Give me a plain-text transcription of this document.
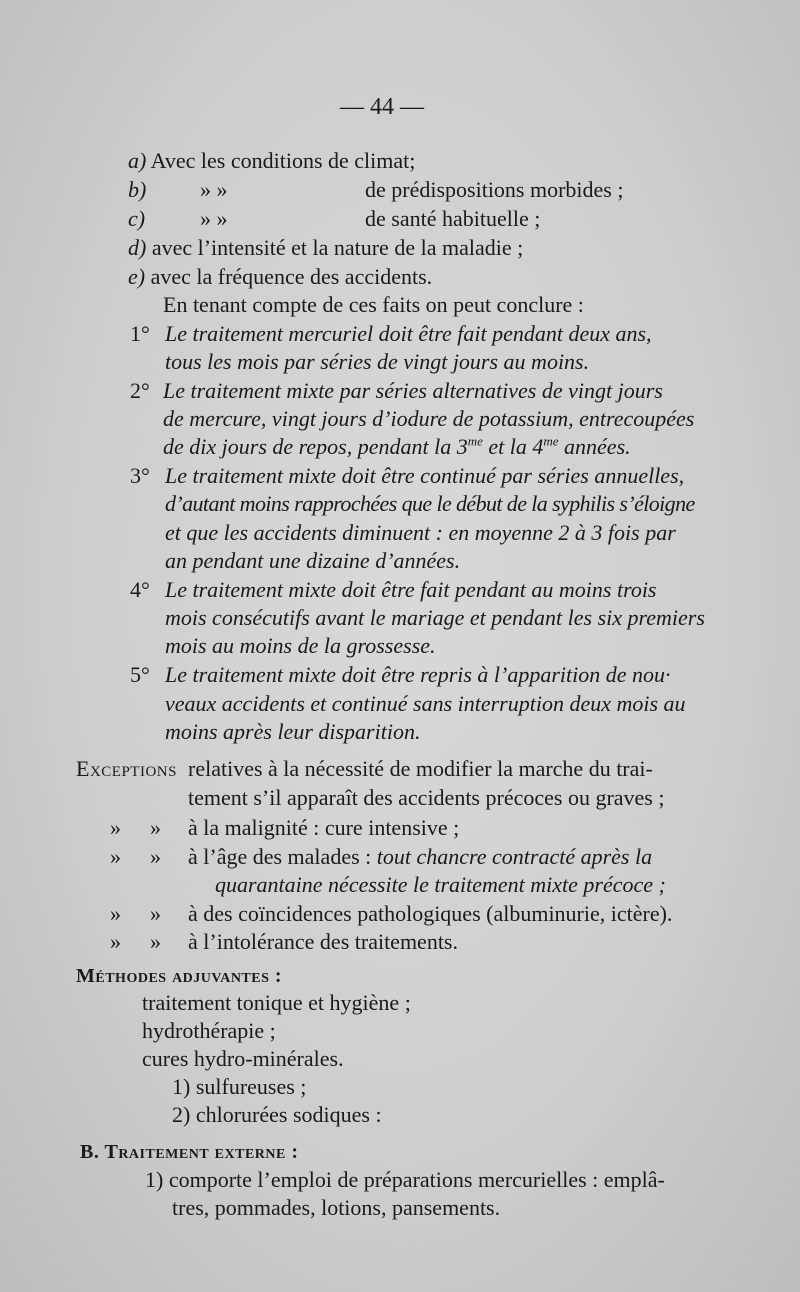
— 44 —
a) Avec les conditions de climat;
b) » »	de prédispositions morbides ;
c) » »	de santé habituelle ;
d) avec l’intensité et la nature de la maladie ;
e) avec la fréquence des accidents.
En tenant compte de ces faits on peut conclure :
1° Le traitement mercuriel doit être fait pendant deux ans,
tous les mois par séries de vingt jours au moins.
2° Le traitement mixte par séries alternatives de vingt jours
de mercure, vingt jours d’iodure de potassium, entrecoupées
de dix jours de repos, pendant la $3^{me}$ et la $4^{me}$ années.
3° Le traitement mixte doit être continué par séries annuelles,
d’autant moins rapprochées que le début de la syphilis s’éloigne
et que les accidents diminuent : en moyenne 2 à 3 fois par
an pendant une dizaine d’années.
4° Le traitement mixte doit être fait pendant au moins trois
mois consécutifs avant le mariage et pendant les six premiers
mois au moins de la grossesse.
5° Le traitement mixte doit être repris à l’apparition de nou·
veaux accidents et continué sans interruption deux mois au
moins après leur disparition.
Exceptions relatives à la nécessité de modifier la marche du trai-
tement s’il apparaît des accidents précoces ou graves ;
» » à la malignité : cure intensive ;
» » à l’âge des malades : tout chancre contracté après la
quarantaine nécessite le traitement mixte précoce ;
» » à des coïncidences pathologiques (albuminurie, ictère).
» » à l’intolérance des traitements.
Méthodes adjuvantes :
traitement tonique et hygiène ;
hydrothérapie ;
cures hydro-minérales.
1) sulfureuses ;
2) chlorurées sodiques :
B. Traitement externe :
1) comporte l’emploi de préparations mercurielles : emplâ-
tres, pommades, lotions, pansements.
